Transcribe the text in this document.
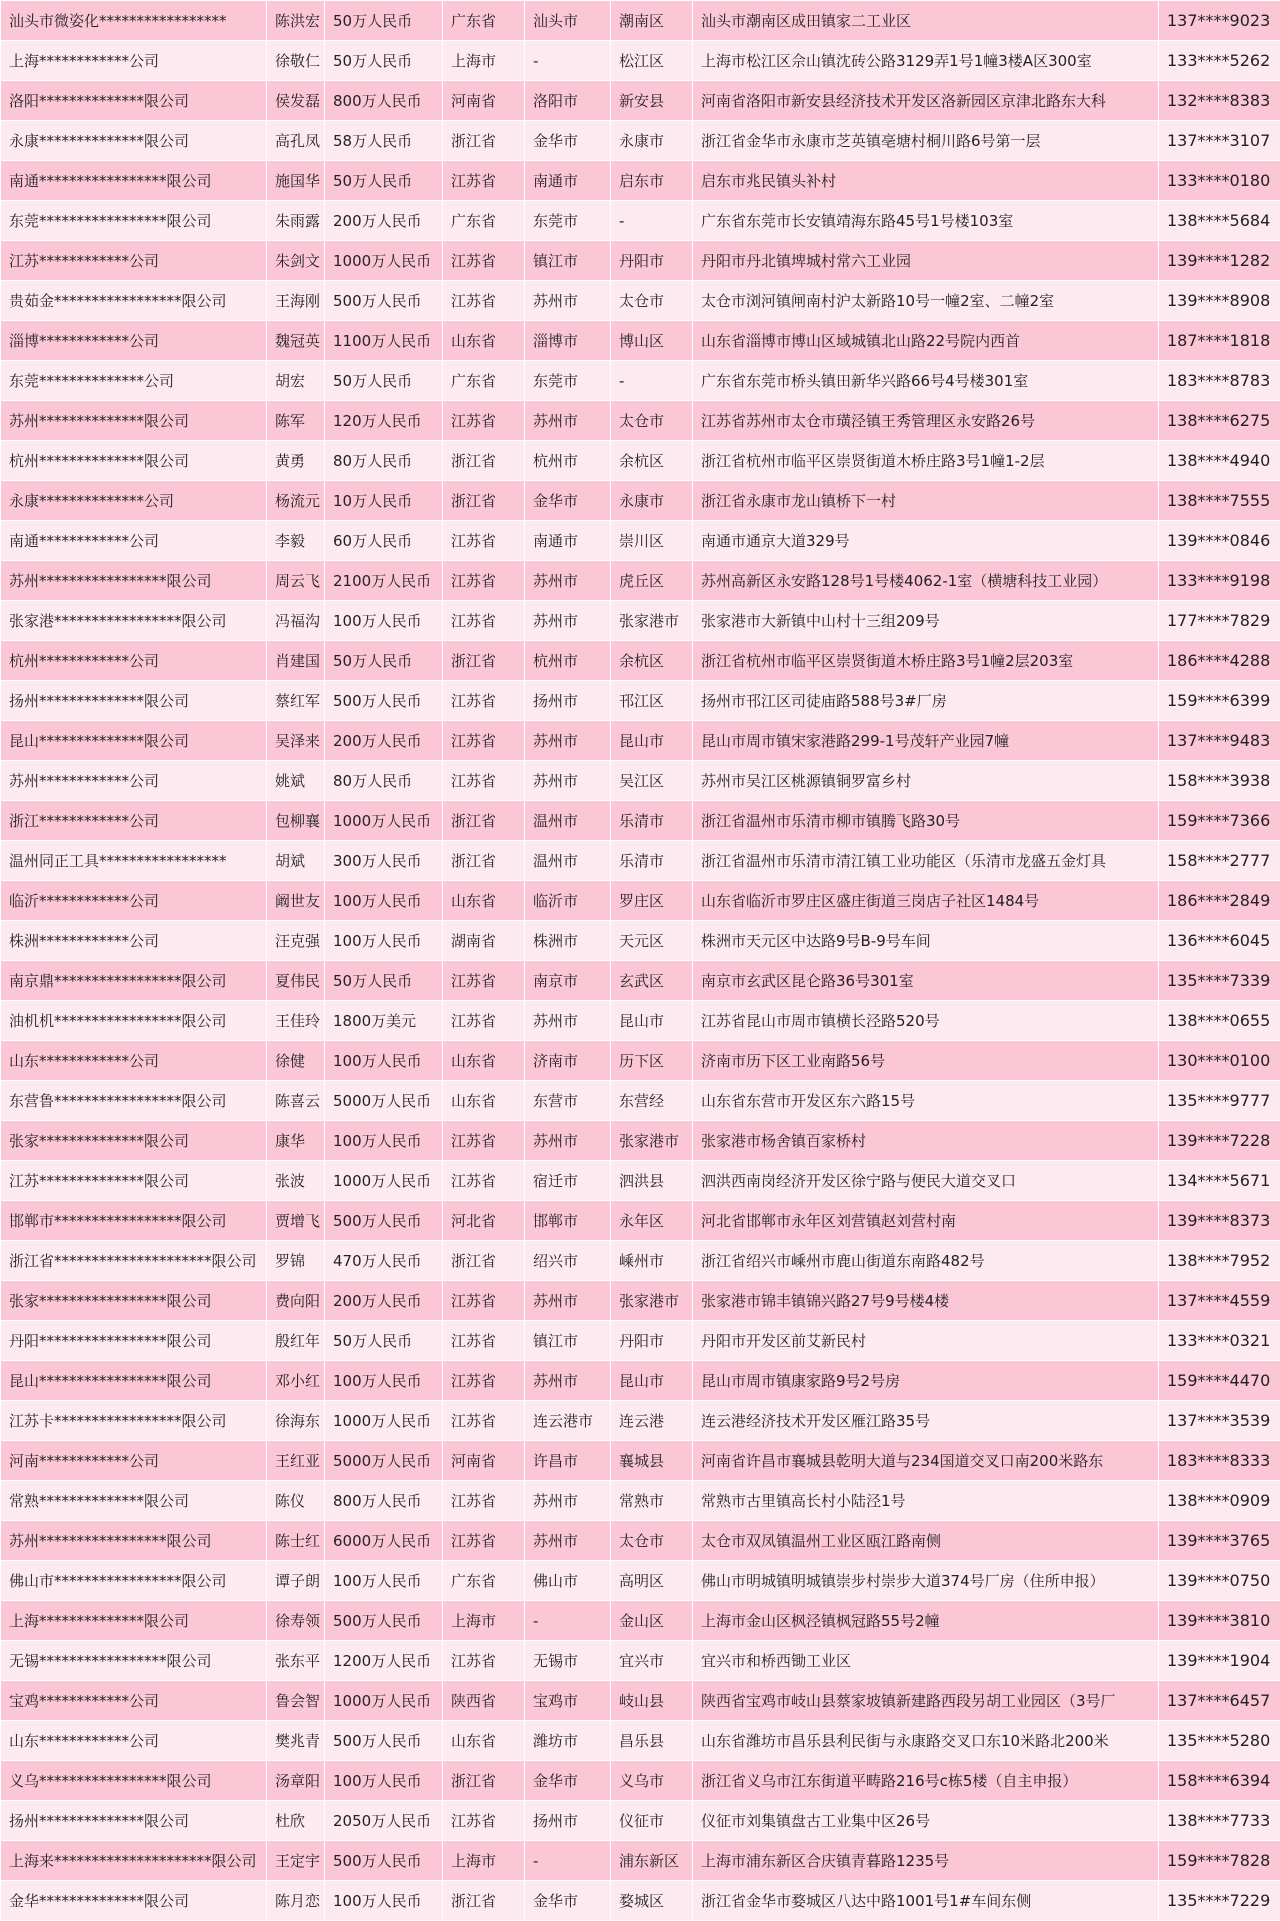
汕头市微姿化*****************	陈洪宏	50万人民币	广东省	汕头市	潮南区	汕头市潮南区成田镇家二工业区	137****9023
上海************公司	徐敬仁	50万人民币	上海市	-	松江区	上海市松江区佘山镇沈砖公路3129弄1号1幢3楼A区300室	133****5262
洛阳**************限公司	侯发磊	800万人民币	河南省	洛阳市	新安县	河南省洛阳市新安县经济技术开发区洛新园区京津北路东大科	132****8383
永康**************限公司	高孔凤	58万人民币	浙江省	金华市	永康市	浙江省金华市永康市芝英镇亳塘村桐川路6号第一层	137****3107
南通*****************限公司	施国华	50万人民币	江苏省	南通市	启东市	启东市兆民镇头补村	133****0180
东莞*****************限公司	朱雨露	200万人民币	广东省	东莞市	-	广东省东莞市长安镇靖海东路45号1号楼103室	138****5684
江苏************公司	朱剑文	1000万人民币	江苏省	镇江市	丹阳市	丹阳市丹北镇埤城村常六工业园	139****1282
贵茹金*****************限公司	王海刚	500万人民币	江苏省	苏州市	太仓市	太仓市浏河镇闸南村沪太新路10号一幢2室、二幢2室	139****8908
淄博************公司	魏冠英	1100万人民币	山东省	淄博市	博山区	山东省淄博市博山区域城镇北山路22号院内西首	187****1818
东莞**************公司	胡宏	50万人民币	广东省	东莞市	-	广东省东莞市桥头镇田新华兴路66号4号楼301室	183****8783
苏州**************限公司	陈军	120万人民币	江苏省	苏州市	太仓市	江苏省苏州市太仓市璜泾镇王秀管理区永安路26号	138****6275
杭州**************限公司	黄勇	80万人民币	浙江省	杭州市	余杭区	浙江省杭州市临平区崇贤街道木桥庄路3号1幢1-2层	138****4940
永康**************公司	杨流元	10万人民币	浙江省	金华市	永康市	浙江省永康市龙山镇桥下一村	138****7555
南通************公司	李毅	60万人民币	江苏省	南通市	崇川区	南通市通京大道329号	139****0846
苏州*****************限公司	周云飞	2100万人民币	江苏省	苏州市	虎丘区	苏州高新区永安路128号1号楼4062-1室（横塘科技工业园）	133****9198
张家港*****************限公司	冯福沟	100万人民币	江苏省	苏州市	张家港市	张家港市大新镇中山村十三组209号	177****7829
杭州************公司	肖建国	50万人民币	浙江省	杭州市	余杭区	浙江省杭州市临平区崇贤街道木桥庄路3号1幢2层203室	186****4288
扬州**************限公司	蔡红军	500万人民币	江苏省	扬州市	邗江区	扬州市邗江区司徒庙路588号3#厂房	159****6399
昆山**************限公司	吴泽来	200万人民币	江苏省	苏州市	昆山市	昆山市周市镇宋家港路299-1号茂轩产业园7幢	137****9483
苏州************公司	姚斌	80万人民币	江苏省	苏州市	吴江区	苏州市吴江区桃源镇铜罗富乡村	158****3938
浙江************公司	包柳襄	1000万人民币	浙江省	温州市	乐清市	浙江省温州市乐清市柳市镇腾飞路30号	159****7366
温州同正工具*****************	胡斌	300万人民币	浙江省	温州市	乐清市	浙江省温州市乐清市清江镇工业功能区（乐清市龙盛五金灯具	158****2777
临沂************公司	阚世友	100万人民币	山东省	临沂市	罗庄区	山东省临沂市罗庄区盛庄街道三岗店子社区1484号	186****2849
株洲************公司	汪克强	100万人民币	湖南省	株洲市	天元区	株洲市天元区中达路9号B-9号车间	136****6045
南京鼎*****************限公司	夏伟民	50万人民币	江苏省	南京市	玄武区	南京市玄武区昆仑路36号301室	135****7339
油机机*****************限公司	王佳玲	1800万美元	江苏省	苏州市	昆山市	江苏省昆山市周市镇横长泾路520号	138****0655
山东************公司	徐健	100万人民币	山东省	济南市	历下区	济南市历下区工业南路56号	130****0100
东营鲁*****************限公司	陈喜云	5000万人民币	山东省	东营市	东营经	山东省东营市开发区东六路15号	135****9777
张家**************限公司	康华	100万人民币	江苏省	苏州市	张家港市	张家港市杨舍镇百家桥村	139****7228
江苏**************限公司	张波	1000万人民币	江苏省	宿迁市	泗洪县	泗洪西南岗经济开发区徐宁路与便民大道交叉口	134****5671
邯郸市*****************限公司	贾增飞	500万人民币	河北省	邯郸市	永年区	河北省邯郸市永年区刘营镇赵刘营村南	139****8373
浙江省*********************限公司	罗锦	470万人民币	浙江省	绍兴市	嵊州市	浙江省绍兴市嵊州市鹿山街道东南路482号	138****7952
张家*****************限公司	费向阳	200万人民币	江苏省	苏州市	张家港市	张家港市锦丰镇锦兴路27号9号楼4楼	137****4559
丹阳*****************限公司	殷红年	50万人民币	江苏省	镇江市	丹阳市	丹阳市开发区前艾新民村	133****0321
昆山*****************限公司	邓小红	100万人民币	江苏省	苏州市	昆山市	昆山市周市镇康家路9号2号房	159****4470
江苏卡*****************限公司	徐海东	1000万人民币	江苏省	连云港市	连云港	连云港经济技术开发区雁江路35号	137****3539
河南************公司	王红亚	5000万人民币	河南省	许昌市	襄城县	河南省许昌市襄城县乾明大道与234国道交叉口南200米路东	183****8333
常熟**************限公司	陈仪	800万人民币	江苏省	苏州市	常熟市	常熟市古里镇高长村小陆泾1号	138****0909
苏州*****************限公司	陈士红	6000万人民币	江苏省	苏州市	太仓市	太仓市双凤镇温州工业区瓯江路南侧	139****3765
佛山市*****************限公司	谭子朗	100万人民币	广东省	佛山市	高明区	佛山市明城镇明城镇崇步村崇步大道374号厂房（住所申报）	139****0750
上海**************限公司	徐寿领	500万人民币	上海市	-	金山区	上海市金山区枫泾镇枫冠路55号2幢	139****3810
无锡*****************限公司	张东平	1200万人民币	江苏省	无锡市	宜兴市	宜兴市和桥西锄工业区	139****1904
宝鸡************公司	鲁会智	1000万人民币	陕西省	宝鸡市	岐山县	陕西省宝鸡市岐山县蔡家坡镇新建路西段另胡工业园区（3号厂	137****6457
山东************公司	樊兆青	500万人民币	山东省	潍坊市	昌乐县	山东省潍坊市昌乐县利民街与永康路交叉口东10米路北200米	135****5280
义乌*****************限公司	汤章阳	100万人民币	浙江省	金华市	义乌市	浙江省义乌市江东街道平畴路216号c栋5楼（自主申报）	158****6394
扬州**************限公司	杜欣	2050万人民币	江苏省	扬州市	仪征市	仪征市刘集镇盘古工业集中区26号	138****7733
上海来*********************限公司	王定宇	500万人民币	上海市	-	浦东新区	上海市浦东新区合庆镇青暮路1235号	159****7828
金华**************限公司	陈月恋	100万人民币	浙江省	金华市	婺城区	浙江省金华市婺城区八达中路1001号1#车间东侧	135****7229
